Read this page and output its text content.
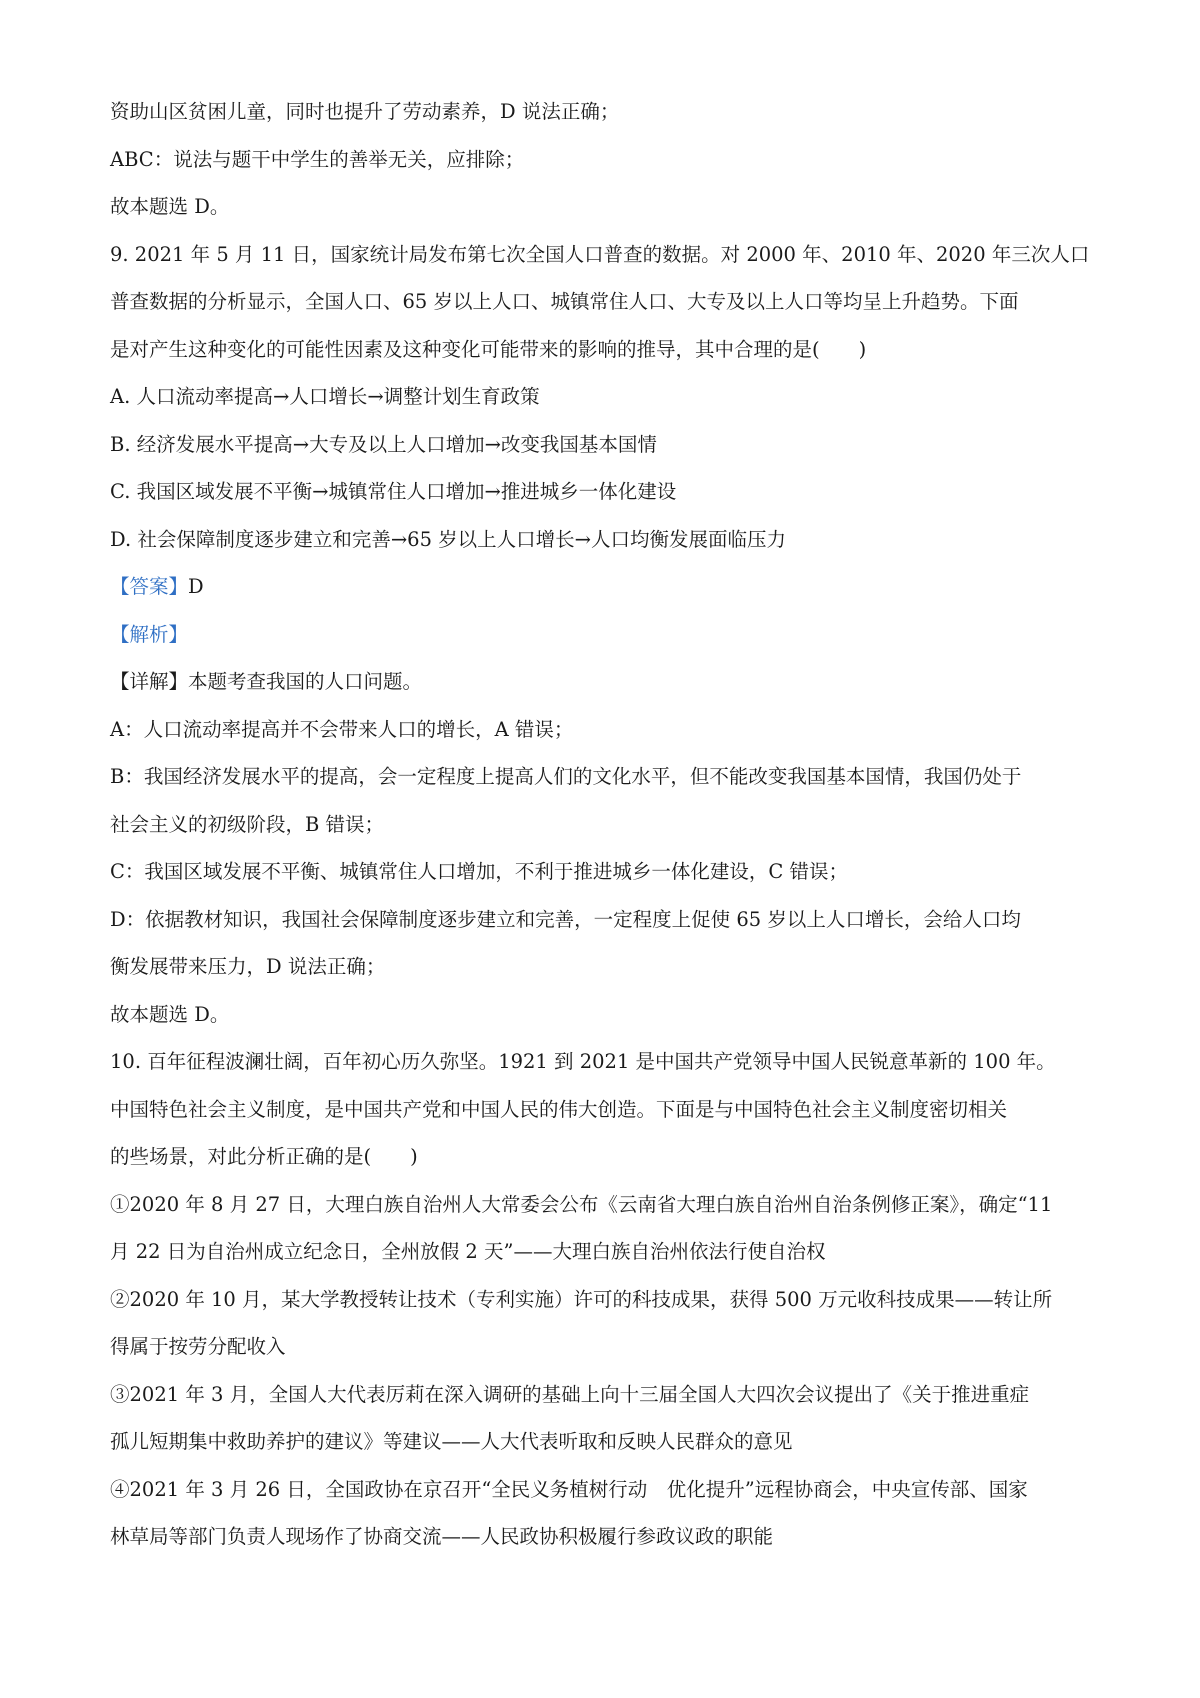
资助山区贫困儿童，同时也提升了劳动素养，D 说法正确；

ABC：说法与题干中学生的善举无关，应排除；

故本题选 D。

9. 2021 年 5 月 11 日，国家统计局发布第七次全国人口普查的数据。对 2000 年、2010 年、2020 年三次人口

普查数据的分析显示，全国人口、65 岁以上人口、城镇常住人口、大专及以上人口等均呈上升趋势。下面

是对产生这种变化的可能性因素及这种变化可能带来的影响的推导，其中合理的是(　　)

A. 人口流动率提高→人口增长→调整计划生育政策

B. 经济发展水平提高→大专及以上人口增加→改变我国基本国情

C. 我国区域发展不平衡→城镇常住人口增加→推进城乡一体化建设

D. 社会保障制度逐步建立和完善→65 岁以上人口增长→人口均衡发展面临压力

【答案】D

【解析】

【详解】本题考查我国的人口问题。

A：人口流动率提高并不会带来人口的增长，A 错误；

B：我国经济发展水平的提高，会一定程度上提高人们的文化水平，但不能改变我国基本国情，我国仍处于

社会主义的初级阶段，B 错误；

C：我国区域发展不平衡、城镇常住人口增加，不利于推进城乡一体化建设，C 错误；

D：依据教材知识，我国社会保障制度逐步建立和完善，一定程度上促使 65 岁以上人口增长，会给人口均

衡发展带来压力，D 说法正确；

故本题选 D。

10. 百年征程波澜壮阔，百年初心历久弥坚。1921 到 2021 是中国共产党领导中国人民锐意革新的 100 年。

中国特色社会主义制度，是中国共产党和中国人民的伟大创造。下面是与中国特色社会主义制度密切相关

的些场景，对此分析正确的是(　　)

①2020 年 8 月 27 日，大理白族自治州人大常委会公布《云南省大理白族自治州自治条例修正案》，确定“11

月 22 日为自治州成立纪念日，全州放假 2 天”——大理白族自治州依法行使自治权

②2020 年 10 月，某大学教授转让技术（专利实施）许可的科技成果，获得 500 万元收科技成果——转让所

得属于按劳分配收入

③2021 年 3 月，全国人大代表厉莉在深入调研的基础上向十三届全国人大四次会议提出了《关于推进重症

孤儿短期集中救助养护的建议》等建议——人大代表听取和反映人民群众的意见

④2021 年 3 月 26 日，全国政协在京召开“全民义务植树行动　优化提升”远程协商会，中央宣传部、国家

林草局等部门负责人现场作了协商交流——人民政协积极履行参政议政的职能
